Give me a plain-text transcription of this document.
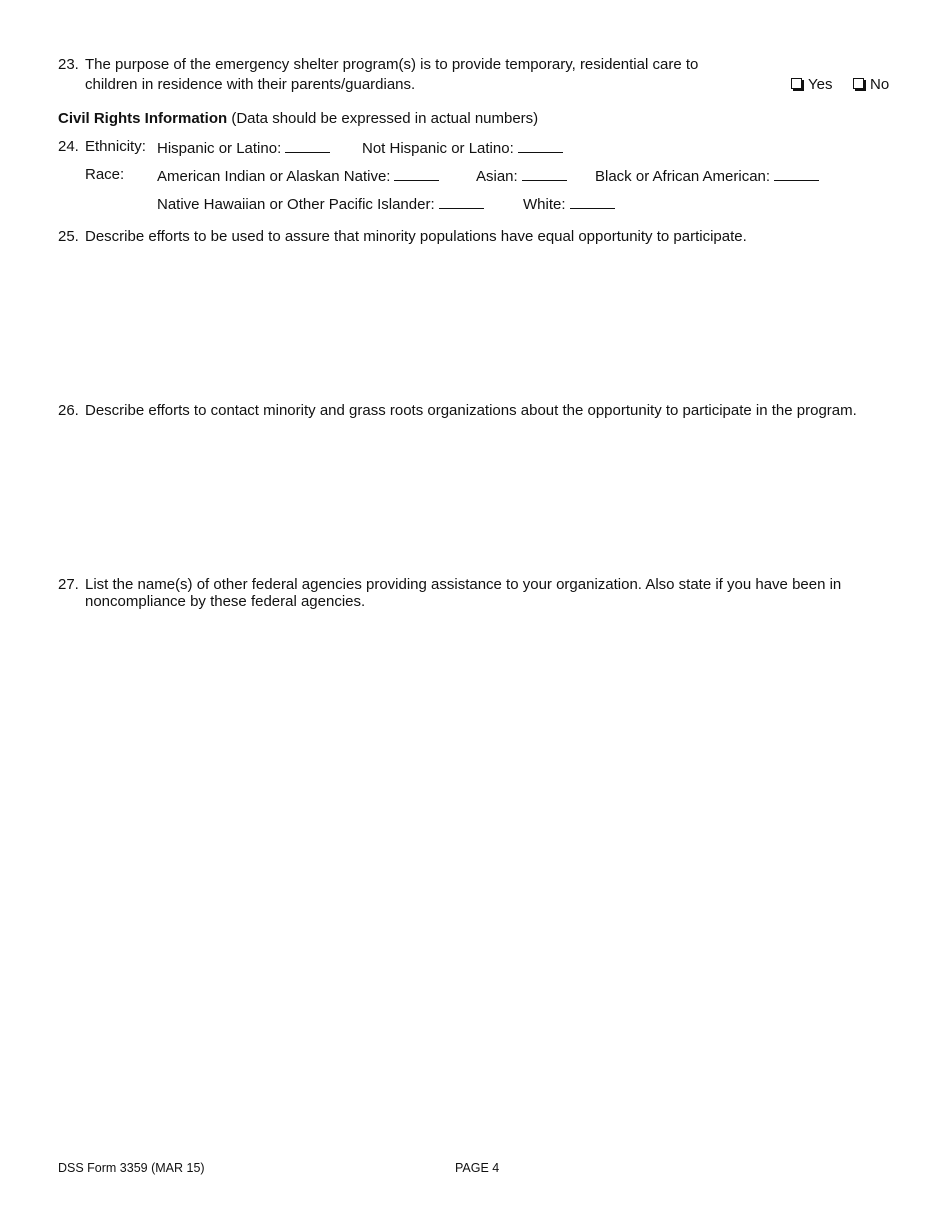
23. The purpose of the emergency shelter program(s) is to provide temporary, residential care to
children in residence with their parents/guardians.	Yes	No
Civil Rights Information (Data should be expressed in actual numbers)
24. Ethnicity: Hispanic or Latino:	Not Hispanic or Latino:
Race: American Indian or Alaskan Native:	Asian:	Black or African American:
Native Hawaiian or Other Pacific Islander:	White:
25. Describe efforts to be used to assure that minority populations have equal opportunity to participate.
26. Describe efforts to contact minority and grass roots organizations about the opportunity to participate in the program.
27. List the name(s) of other federal agencies providing assistance to your organization. Also state if you have been in
noncompliance by these federal agencies.
DSS Form 3359 (MAR 15)	PAGE 4
